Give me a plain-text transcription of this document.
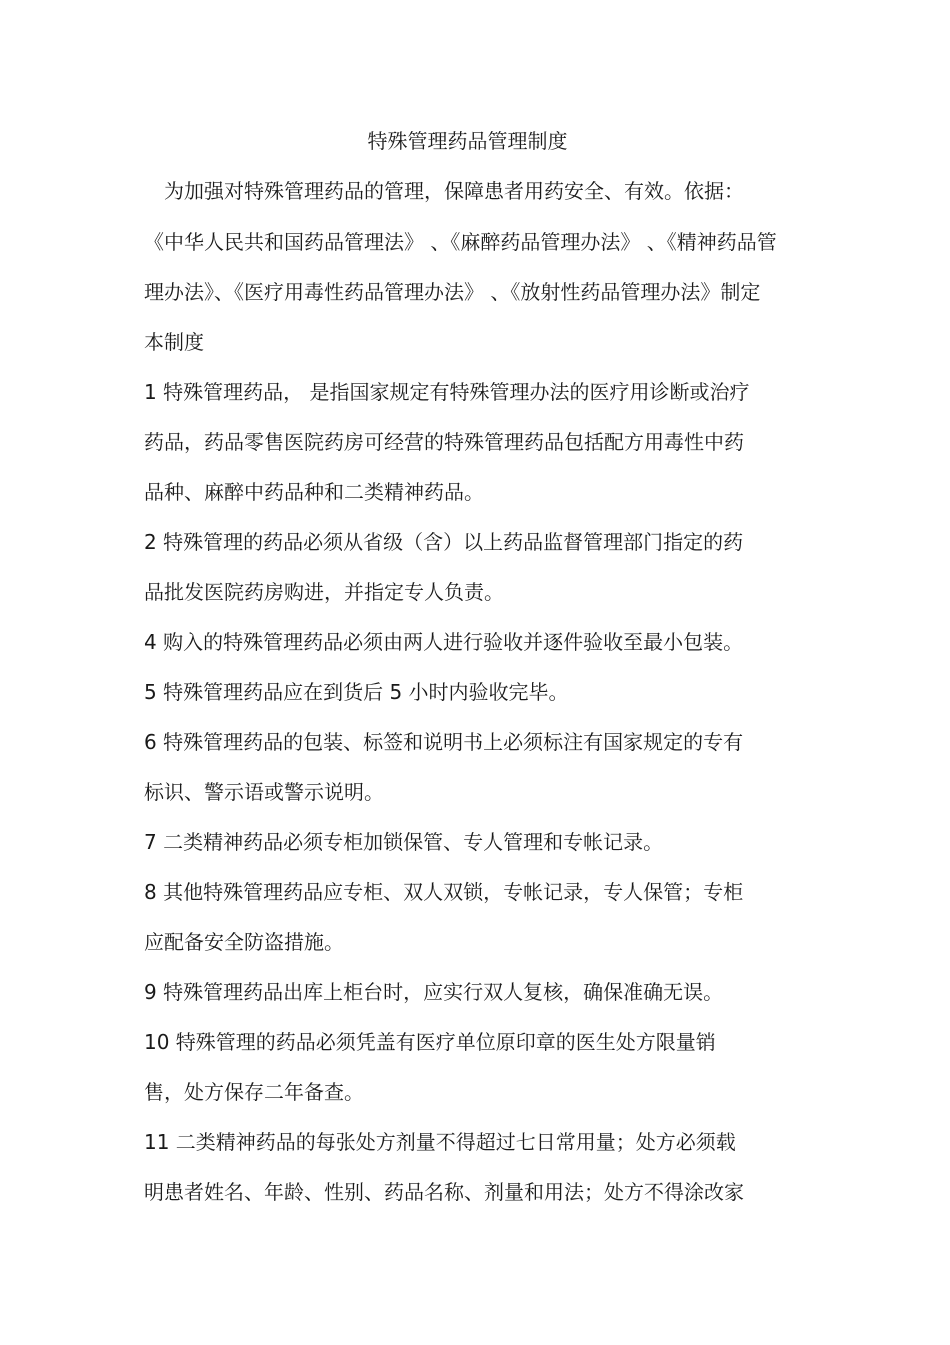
特殊管理药品管理制度
　为加强对特殊管理药品的管理，保障患者用药安全、有效。依据：
《中华人民共和国药品管理法》 、《麻醉药品管理办法》 、《精神药品管
理办法》、《医疗用毒性药品管理办法》 、《放射性药品管理办法》制定
本制度
1 特殊管理药品， 是指国家规定有特殊管理办法的医疗用诊断或治疗
药品，药品零售医院药房可经营的特殊管理药品包括配方用毒性中药
品种、麻醉中药品种和二类精神药品。
2 特殊管理的药品必须从省级（含）以上药品监督管理部门指定的药
品批发医院药房购进，并指定专人负责。
4 购入的特殊管理药品必须由两人进行验收并逐件验收至最小包装。
5 特殊管理药品应在到货后 5 小时内验收完毕。
6 特殊管理药品的包装、标签和说明书上必须标注有国家规定的专有
标识、警示语或警示说明。
7 二类精神药品必须专柜加锁保管、专人管理和专帐记录。
8 其他特殊管理药品应专柜、双人双锁，专帐记录，专人保管；专柜
应配备安全防盗措施。
9 特殊管理药品出库上柜台时，应实行双人复核，确保准确无误。
10 特殊管理的药品必须凭盖有医疗单位原印章的医生处方限量销
售，处方保存二年备查。
11 二类精神药品的每张处方剂量不得超过七日常用量；处方必须载
明患者姓名、年龄、性别、药品名称、剂量和用法；处方不得涂改家
